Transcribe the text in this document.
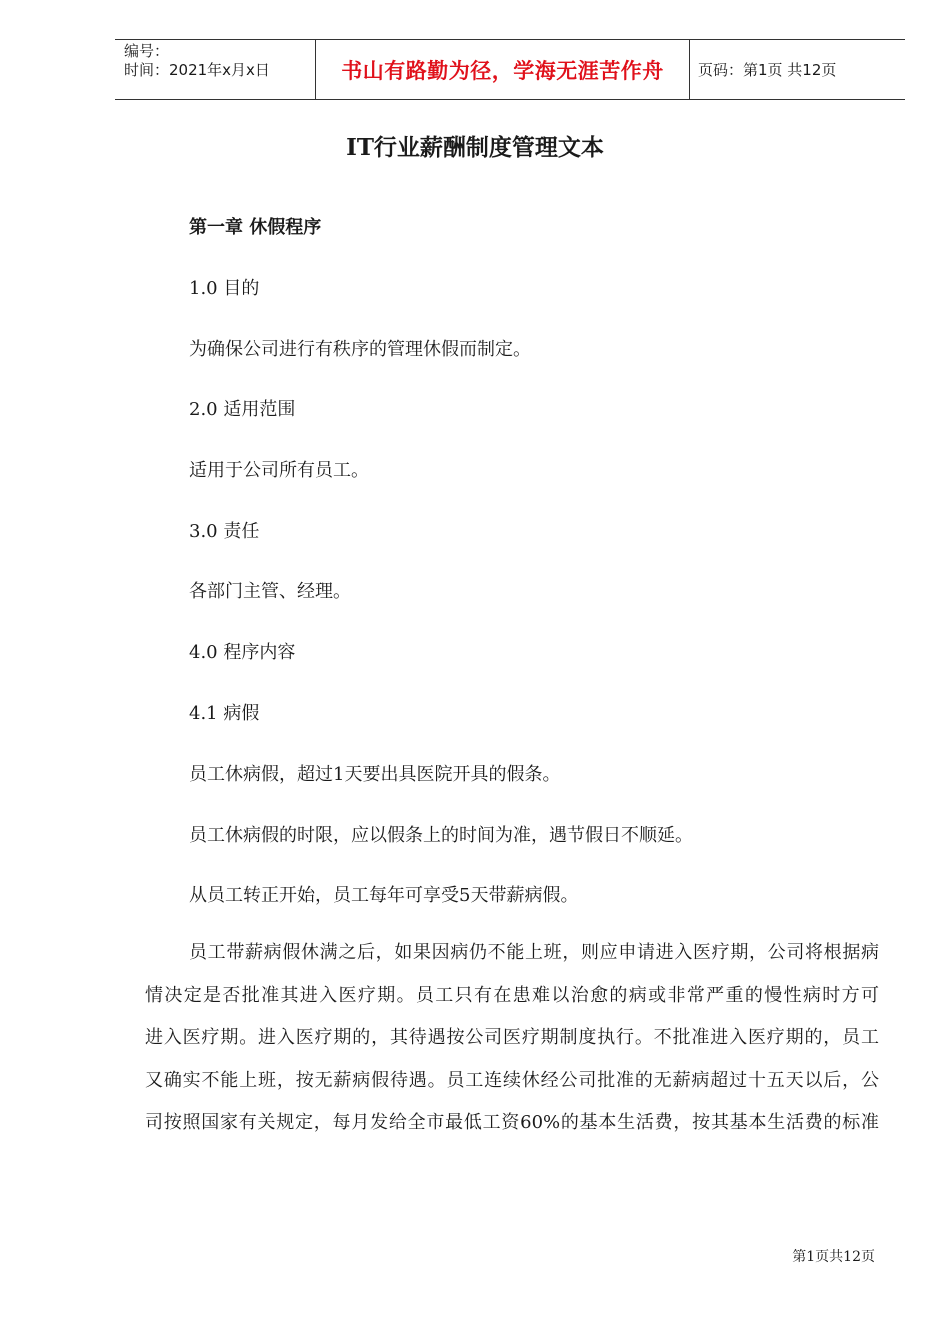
编号：
时间：2021年x月x日	书山有路勤为径，学海无涯苦作舟	页码：第1页 共12页
IT行业薪酬制度管理文本
第一章 休假程序
1.0 目的
为确保公司进行有秩序的管理休假而制定。
2.0 适用范围
适用于公司所有员工。
3.0 责任
各部门主管、经理。
4.0 程序内容
4.1 病假
员工休病假，超过1天要出具医院开具的假条。
员工休病假的时限，应以假条上的时间为准，遇节假日不顺延。
从员工转正开始，员工每年可享受5天带薪病假。
员工带薪病假休满之后，如果因病仍不能上班，则应申请进入医疗期，公司将根据病
情决定是否批准其进入医疗期。员工只有在患难以治愈的病或非常严重的慢性病时方可
进入医疗期。进入医疗期的，其待遇按公司医疗期制度执行。不批准进入医疗期的，员工
又确实不能上班，按无薪病假待遇。员工连续休经公司批准的无薪病超过十五天以后，公
司按照国家有关规定，每月发给全市最低工资60%的基本生活费，按其基本生活费的标准
第1页共12页
